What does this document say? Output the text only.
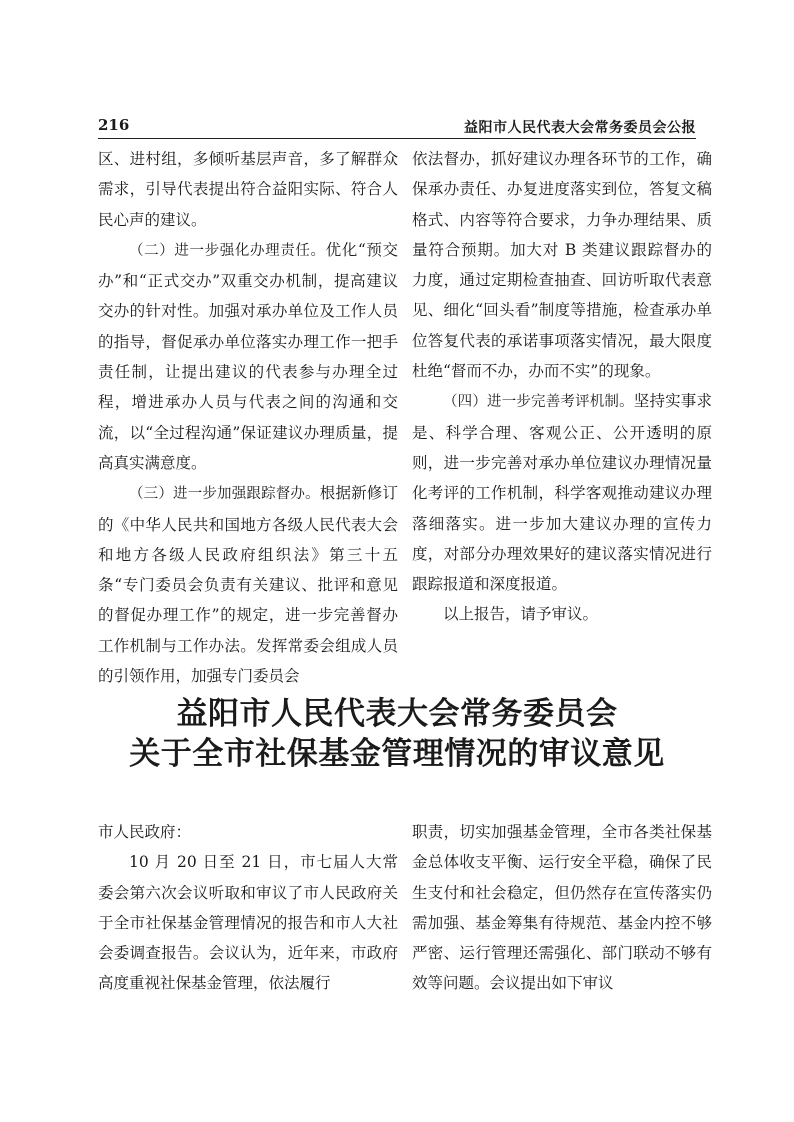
216	益阳市人民代表大会常务委员会公报

区、进村组，多倾听基层声音，多了解群众需求，引导代表提出符合益阳实际、符合人民心声的建议。

（二）进一步强化办理责任。优化“预交办”和“正式交办”双重交办机制，提高建议交办的针对性。加强对承办单位及工作人员的指导，督促承办单位落实办理工作一把手责任制，让提出建议的代表参与办理全过程，增进承办人员与代表之间的沟通和交流，以“全过程沟通”保证建议办理质量，提高真实满意度。

（三）进一步加强跟踪督办。根据新修订的《中华人民共和国地方各级人民代表大会和地方各级人民政府组织法》第三十五条“专门委员会负责有关建议、批评和意见的督促办理工作”的规定，进一步完善督办工作机制与工作办法。发挥常委会组成人员的引领作用，加强专门委员会

依法督办，抓好建议办理各环节的工作，确保承办责任、办复进度落实到位，答复文稿格式、内容等符合要求，力争办理结果、质量符合预期。加大对 B 类建议跟踪督办的力度，通过定期检查抽查、回访听取代表意见、细化“回头看”制度等措施，检查承办单位答复代表的承诺事项落实情况，最大限度杜绝“督而不办，办而不实”的现象。

（四）进一步完善考评机制。坚持实事求是、科学合理、客观公正、公开透明的原则，进一步完善对承办单位建议办理情况量化考评的工作机制，科学客观推动建议办理落细落实。进一步加大建议办理的宣传力度，对部分办理效果好的建议落实情况进行跟踪报道和深度报道。

以上报告，请予审议。

益阳市人民代表大会常务委员会
关于全市社保基金管理情况的审议意见

市人民政府：

10 月 20 日至 21 日，市七届人大常委会第六次会议听取和审议了市人民政府关于全市社保基金管理情况的报告和市人大社会委调查报告。会议认为，近年来，市政府高度重视社保基金管理，依法履行

职责，切实加强基金管理，全市各类社保基金总体收支平衡、运行安全平稳，确保了民生支付和社会稳定，但仍然存在宣传落实仍需加强、基金筹集有待规范、基金内控不够严密、运行管理还需强化、部门联动不够有效等问题。会议提出如下审议
